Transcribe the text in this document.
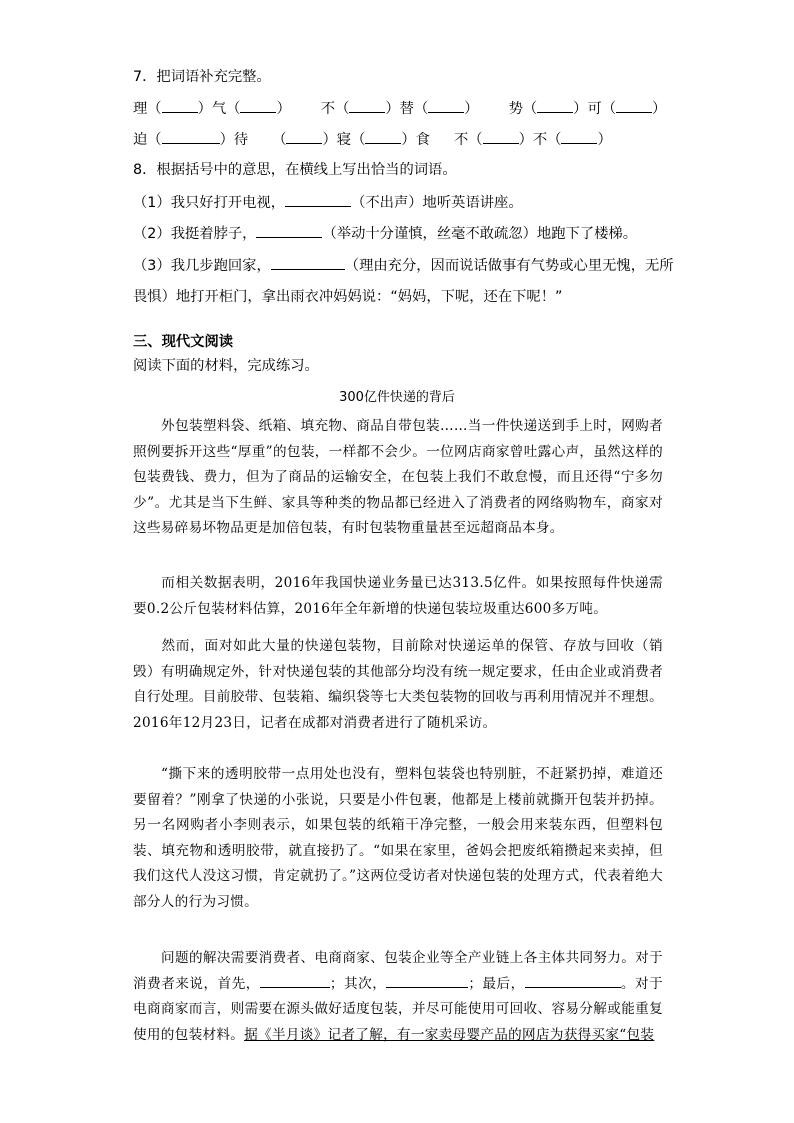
7．把词语补充完整。
理（	）气（	） 不（	）替（	） 势（	）可（	）
迫（	）待 （	）寝（	）食 不（	）不（	）
8．根据括号中的意思，在横线上写出恰当的词语。
（1）我只好打开电视，	（不出声）地听英语讲座。
（2）我挺着脖子，	（举动十分谨慎，丝毫不敢疏忽）地跑下了楼梯。
（3）我几步跑回家，	（理由充分，因而说话做事有气势或心里无愧，无所
畏惧）地打开柜门，拿出雨衣冲妈妈说：“妈妈，下呢，还在下呢！”
三、现代文阅读
阅读下面的材料，完成练习。
300亿件快递的背后
外包装塑料袋、纸箱、填充物、商品自带包装……当一件快递送到手上时，网购者照例要拆开这些“厚重”的包装，一样都不会少。一位网店商家曾吐露心声，虽然这样的包装费钱、费力，但为了商品的运输安全，在包装上我们不敢怠慢，而且还得“宁多勿少”。尤其是当下生鲜、家具等种类的物品都已经进入了消费者的网络购物车，商家对这些易碎易坏物品更是加倍包装，有时包装物重量甚至远超商品本身。
而相关数据表明，2016年我国快递业务量已达313.5亿件。如果按照每件快递需要0.2公斤包装材料估算，2016年全年新增的快递包装垃圾重达600多万吨。
然而，面对如此大量的快递包装物，目前除对快递运单的保管、存放与回收（销毁）有明确规定外，针对快递包装的其他部分均没有统一规定要求，任由企业或消费者自行处理。目前胶带、包装箱、编织袋等七大类包装物的回收与再利用情况并不理想。2016年12月23日，记者在成都对消费者进行了随机采访。
“撕下来的透明胶带一点用处也没有，塑料包装袋也特别脏，不赶紧扔掉，难道还要留着？”刚拿了快递的小张说，只要是小件包裹，他都是上楼前就撕开包装并扔掉。另一名网购者小李则表示，如果包装的纸箱干净完整，一般会用来装东西，但塑料包装、填充物和透明胶带，就直接扔了。“如果在家里，爸妈会把废纸箱攒起来卖掉，但我们这代人没这习惯，肯定就扔了。”这两位受访者对快递包装的处理方式，代表着绝大部分人的行为习惯。
问题的解决需要消费者、电商商家、包装企业等全产业链上各主体共同努力。对于消费者来说，首先，	；其次，	；最后，	。对于电商商家而言，则需要在源头做好适度包装，并尽可能使用可回收、容易分解或能重复使用的包装材料。据《半月谈》记者了解，有一家卖母婴产品的网店为获得买家“包装
